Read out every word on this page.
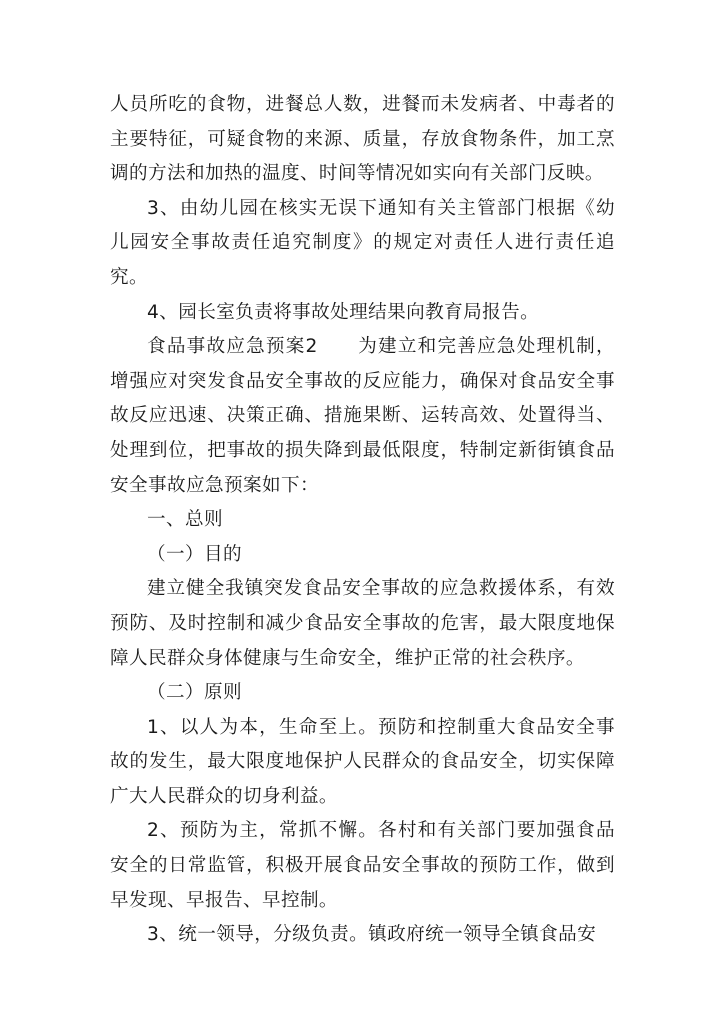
人员所吃的食物，进餐总人数，进餐而未发病者、中毒者的主要特征，可疑食物的来源、质量，存放食物条件，加工烹调的方法和加热的温度、时间等情况如实向有关部门反映。

3、由幼儿园在核实无误下通知有关主管部门根据《幼儿园安全事故责任追究制度》的规定对责任人进行责任追究。

4、园长室负责将事故处理结果向教育局报告。

食品事故应急预案2　　为建立和完善应急处理机制，增强应对突发食品安全事故的反应能力，确保对食品安全事故反应迅速、决策正确、措施果断、运转高效、处置得当、处理到位，把事故的损失降到最低限度，特制定新街镇食品安全事故应急预案如下：

一、总则

（一）目的

建立健全我镇突发食品安全事故的应急救援体系，有效预防、及时控制和减少食品安全事故的危害，最大限度地保障人民群众身体健康与生命安全，维护正常的社会秩序。

（二）原则

1、以人为本，生命至上。预防和控制重大食品安全事故的发生，最大限度地保护人民群众的食品安全，切实保障广大人民群众的切身利益。

2、预防为主，常抓不懈。各村和有关部门要加强食品安全的日常监管，积极开展食品安全事故的预防工作，做到早发现、早报告、早控制。

3、统一领导，分级负责。镇政府统一领导全镇食品安
